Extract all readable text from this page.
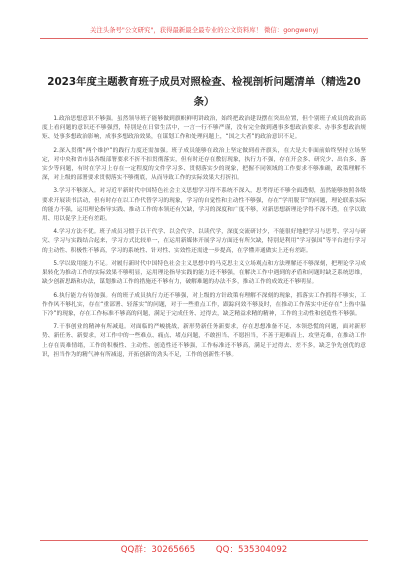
关注头条号"公文研究"，获得最新最全最专业的公文资料库！ 微信：gongwenyj
2023年度主题教育班子成员对照检查、检视剖析问题清单（精选20条）

1.政治思想意识不够强。虽然领导班子能够做到旗帜鲜明讲政治，始终把政治建设摆在突出位置，但个别班子成员的政治高度上看问题的意识还不够强烈，特别是在日常生活中，一言一行不够严谨，没有完全做到遇事多想政治要求、办事多想政治规矩、处事多想政治影响，成事多想政治效果，在谋划工作和处理问题上，“国之大者”的政治意识不足。

2.深入贯彻“两个维护”的践行力度还需加强。班子成员能够在政治上坚定做到看齐旗头，在大是大非面前始终坚持立场坚定，对中央和省市县各级部署要求不折不扣贯彻落实，但有时还存在敷衍现象，执行力不强，存在开会多、研究少、出台多、落实少等问题，有时在学习上存在一定程度的文件学习多、贯彻落实少的现象，把握不同领域的工作要求不够准确，政策理解不深，对上级的部署要求贯彻落实不够彻底，从而导致工作的实际效果大打折扣。

3.学习不够深入。对习近平新时代中国特色社会主义思想学习得不系统不深入，思考得还不够全面透彻，虽然能够按照各级要求开展读书活动，但有时存在以工作代替学习的现象，学习的自觉性和主动性不够强，存在“学用脱节”的问题，理论联系实际的能力不强，运用理论指导实践、推动工作的本领还有欠缺，学习的深度和广度不够，对新思想新理论学得不深不透，在学以致用、用以促学上还有差距。

4.学习方法不优。班子成员习惯于以干代学、以会代学、以读代学，深度交流研讨少，不能很好地把学习与思考、学习与研究、学习与实践结合起来，学习方式比较单一，在运用新媒体开展学习方面还有所欠缺，特别是利用“学习强国”等平台进行学习的主动性、积极性不够高，学习的系统性、针对性、实效性还需进一步提高，在学懂弄通做实上还有差距。

5.学以致用能力不足。对履行新时代中国特色社会主义思想中的马克思主义立场观点和方法理解还不够深刻，把理论学习成果转化为推动工作的实际效果不够明显，运用理论指导实践的能力还不够强，在解决工作中遇到的矛盾和问题时缺乏系统思维，缺少创新思路和办法，谋划推动工作的措施还不够有力，破解难题的办法不多，推动工作的成效还不够明显。

6.执行能力有待加强。有的班子成员执行力还不够强，对上级的方针政策有理解不深刻的现象，抓落实工作抓得不够实，工作作风不够扎实，存在“重部署、轻落实”的问题，对于一些重点工作，跟踪问效不够及时，在推动工作落实中还存在“上热中温下冷”的现象，存在工作标准不够高的问题，满足于完成任务、过得去，缺乏精益求精的精神，工作的主动性和创造性不够强。

7.干事创业的精神有所减退。对面临的严峻挑战，新形势新任务新要求，存在思想准备不足、本领恐慌的问题，面对新形势、新任务、新要求，对工作中的一些难点、痛点、堵点问题，不敢担当、不愿担当，不善于迎难而上、攻坚克难，在推动工作上存在畏难情绪，工作的积极性、主动性、创造性还不够强，工作标准还不够高，满足于过得去、差不多，缺乏争先创优的意识，担当作为的精气神有所减退，开拓创新的劲头不足，工作的创新性不够。

QQ群：30265665 QQ：535304092
